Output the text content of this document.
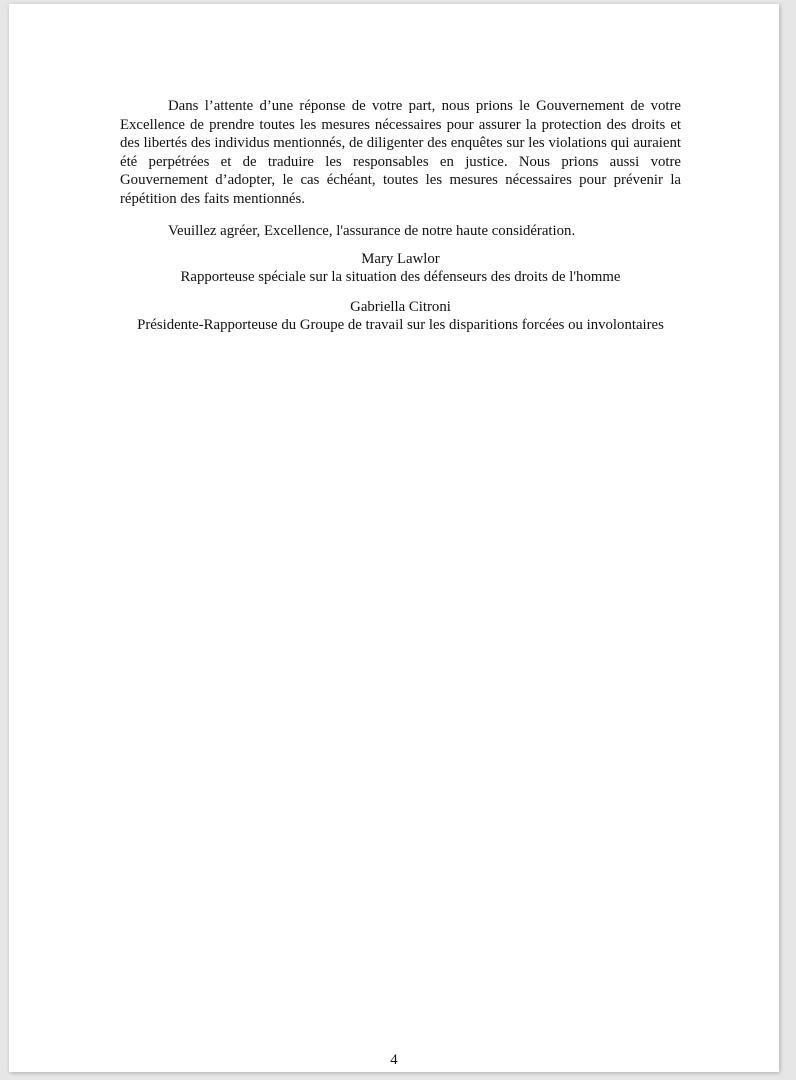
Dans l’attente d’une réponse de votre part, nous prions le Gouvernement de votre Excellence de prendre toutes les mesures nécessaires pour assurer la protection des droits et des libertés des individus mentionnés, de diligenter des enquêtes sur les violations qui auraient été perpétrées et de traduire les responsables en justice. Nous prions aussi votre Gouvernement d’adopter, le cas échéant, toutes les mesures nécessaires pour prévenir la répétition des faits mentionnés.

Veuillez agréer, Excellence, l'assurance de notre haute considération.

Mary Lawlor

Rapporteuse spéciale sur la situation des défenseurs des droits de l'homme

Gabriella Citroni

Présidente-Rapporteuse du Groupe de travail sur les disparitions forcées ou involontaires

4
